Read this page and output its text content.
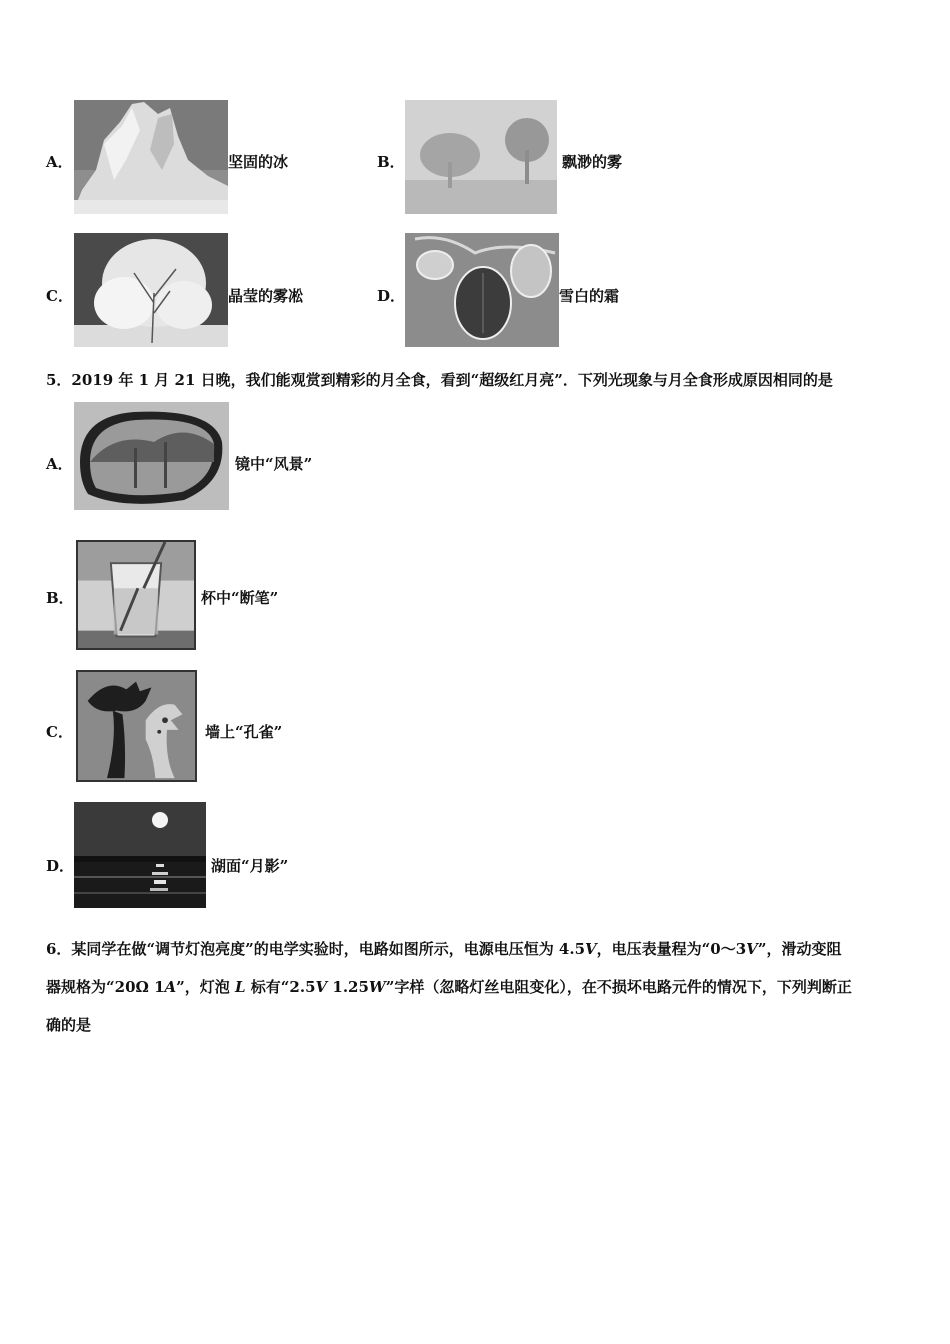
A．	坚固的冰	B．	飘渺的雾
C．	晶莹的雾凇	D．	雪白的霜
5．2019 年 1 月 21 日晚，我们能观赏到精彩的月全食，看到“超级红月亮”．下列光现象与月全食形成原因相同的是
A．	镜中“风景”
B．	杯中“断笔”
C．	墙上“孔雀”
D．	湖面“月影”
6．某同学在做“调节灯泡亮度”的电学实验时，电路如图所示，电源电压恒为 4.5V，电压表量程为“0～3V”，滑动变阻
器规格为“20Ω 1A”，灯泡 L 标有“2.5V 1.25W”字样（忽略灯丝电阻变化），在不损坏电路元件的情况下，下列判断正
确的是
